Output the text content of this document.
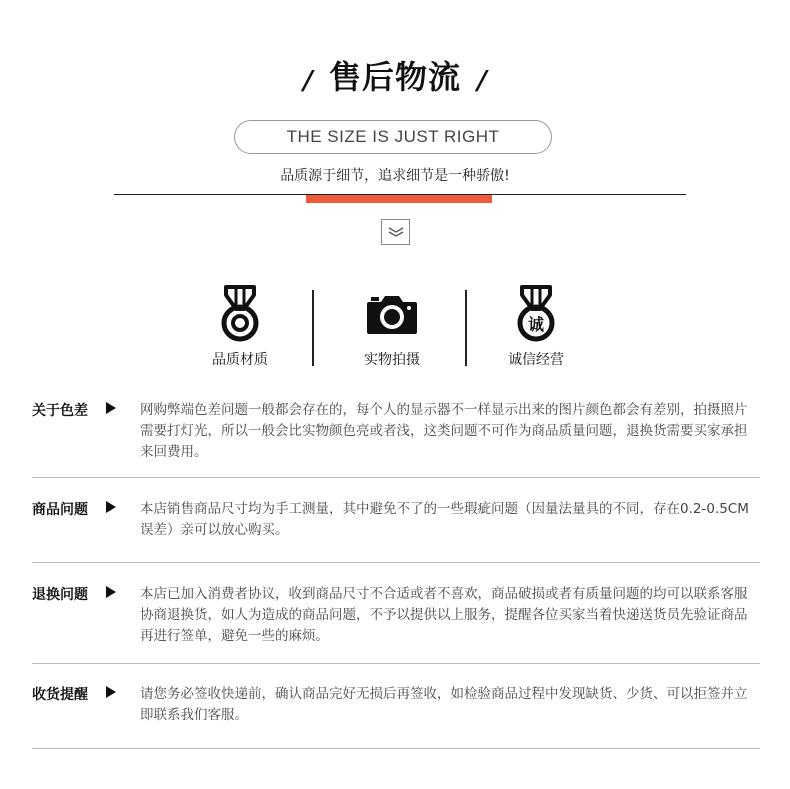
/ 售后物流 /
THE SIZE IS JUST RIGHT
品质源于细节，追求细节是一种骄傲!
品质材质	实物拍摄
诚
诚信经营
关于色差	网购弊端色差问题一般都会存在的，每个人的显示器不一样显示出来的图片颜色都会有差别，拍摄照片需要打灯光，所以一般会比实物颜色亮或者浅，这类问题不可作为商品质量问题，退换货需要买家承担来回费用。
商品问题	本店销售商品尺寸均为手工测量，其中避免不了的一些瑕疵问题（因量法量具的不同，存在0.2-0.5CM误差）亲可以放心购买。
退换问题	本店已加入消费者协议，收到商品尺寸不合适或者不喜欢，商品破损或者有质量问题的均可以联系客服协商退换货，如人为造成的商品问题，不予以提供以上服务，提醒各位买家当着快递送货员先验证商品再进行签单，避免一些的麻烦。
收货提醒	请您务必签收快递前，确认商品完好无损后再签收，如检验商品过程中发现缺货、少货、可以拒签并立即联系我们客服。
